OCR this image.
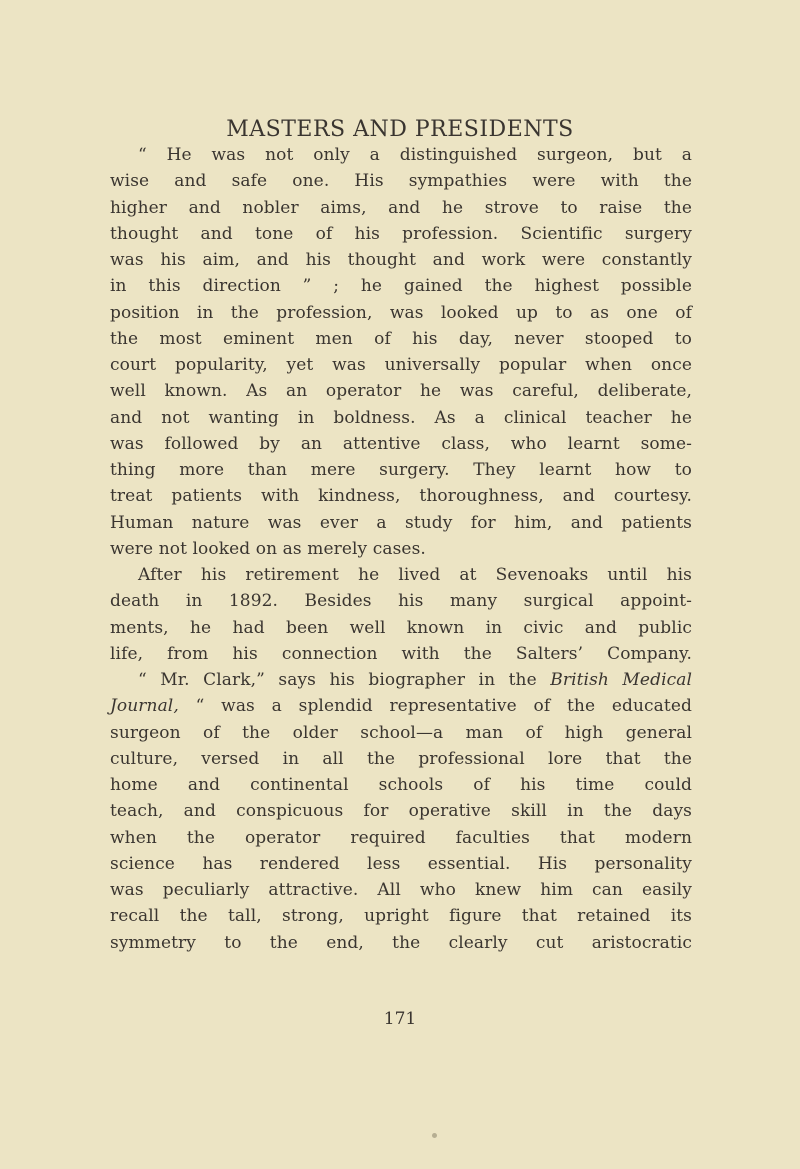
MASTERS AND PRESIDENTS
“ He was not only a distinguished surgeon, but a
wise and safe one. His sympathies were with the
higher and nobler aims, and he strove to raise the
thought and tone of his profession. Scientific surgery
was his aim, and his thought and work were constantly
in this direction ” ; he gained the highest possible
position in the profession, was looked up to as one of
the most eminent men of his day, never stooped to
court popularity, yet was universally popular when once
well known. As an operator he was careful, deliberate,
and not wanting in boldness. As a clinical teacher he
was followed by an attentive class, who learnt some-
thing more than mere surgery. They learnt how to
treat patients with kindness, thoroughness, and courtesy.
Human nature was ever a study for him, and patients
were not looked on as merely cases.
After his retirement he lived at Sevenoaks until his
death in 1892. Besides his many surgical appoint-
ments, he had been well known in civic and public
life, from his connection with the Salters’ Company.
“ Mr. Clark,” says his biographer in the British Medical
Journal, “ was a splendid representative of the educated
surgeon of the older school—a man of high general
culture, versed in all the professional lore that the
home and continental schools of his time could
teach, and conspicuous for operative skill in the days
when the operator required faculties that modern
science has rendered less essential. His personality
was peculiarly attractive. All who knew him can easily
recall the tall, strong, upright figure that retained its
symmetry to the end, the clearly cut aristocratic
171
